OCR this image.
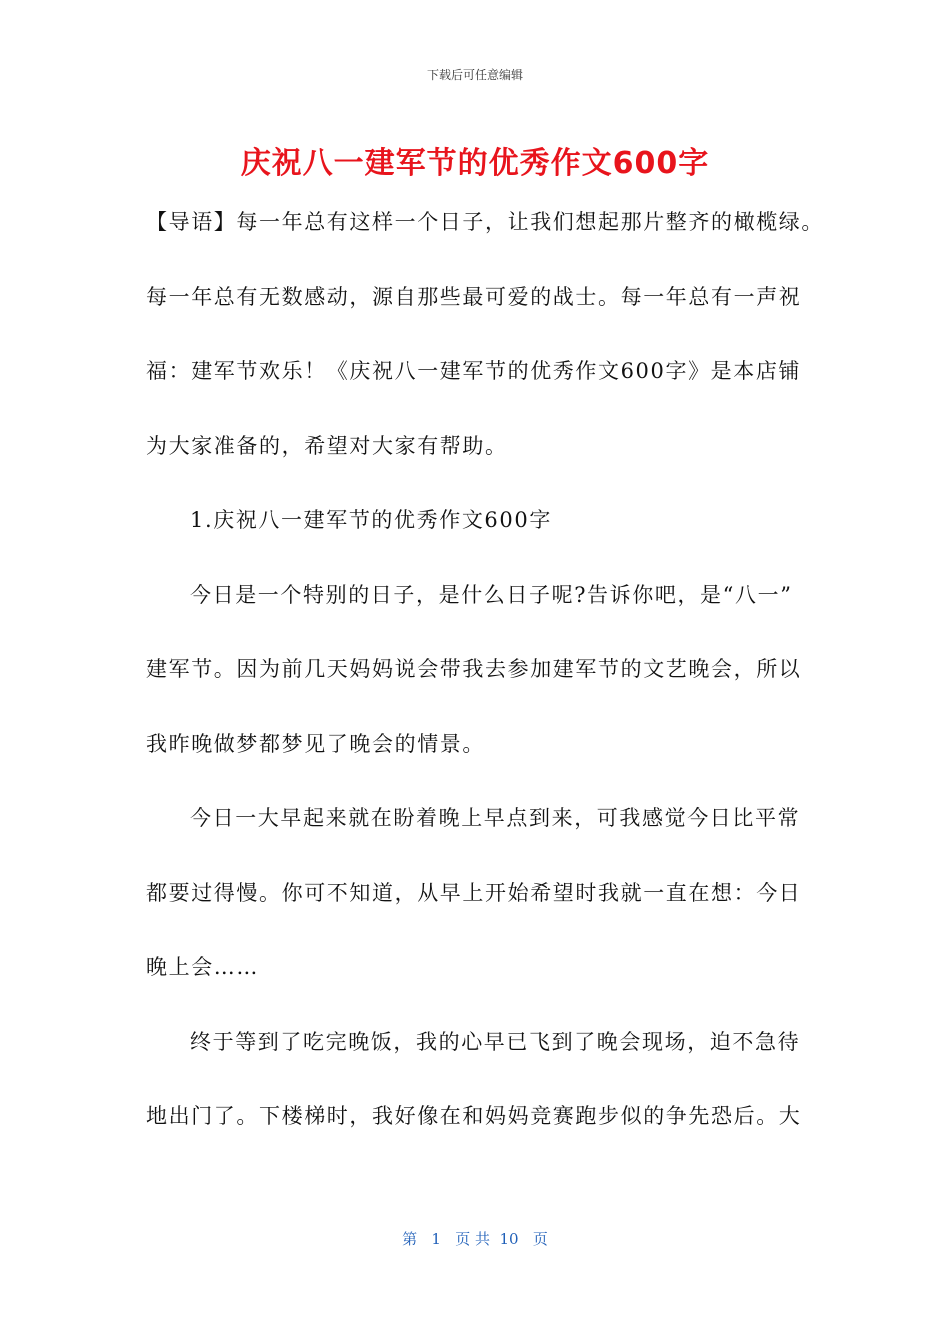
下载后可任意编辑
庆祝八一建军节的优秀作文600字
【导语】每一年总有这样一个日子，让我们想起那片整齐的橄榄绿。
每一年总有无数感动，源自那些最可爱的战士。每一年总有一声祝
福：建军节欢乐！《庆祝八一建军节的优秀作文600字》是本店铺
为大家准备的，希望对大家有帮助。
1.庆祝八一建军节的优秀作文600字
今日是一个特别的日子，是什么日子呢?告诉你吧，是“八一”
建军节。因为前几天妈妈说会带我去参加建军节的文艺晚会，所以
我昨晚做梦都梦见了晚会的情景。
今日一大早起来就在盼着晚上早点到来，可我感觉今日比平常
都要过得慢。你可不知道，从早上开始希望时我就一直在想：今日
晚上会……
终于等到了吃完晚饭，我的心早已飞到了晚会现场，迫不急待
地出门了。下楼梯时，我好像在和妈妈竞赛跑步似的争先恐后。大
第   1   页 共  10   页
